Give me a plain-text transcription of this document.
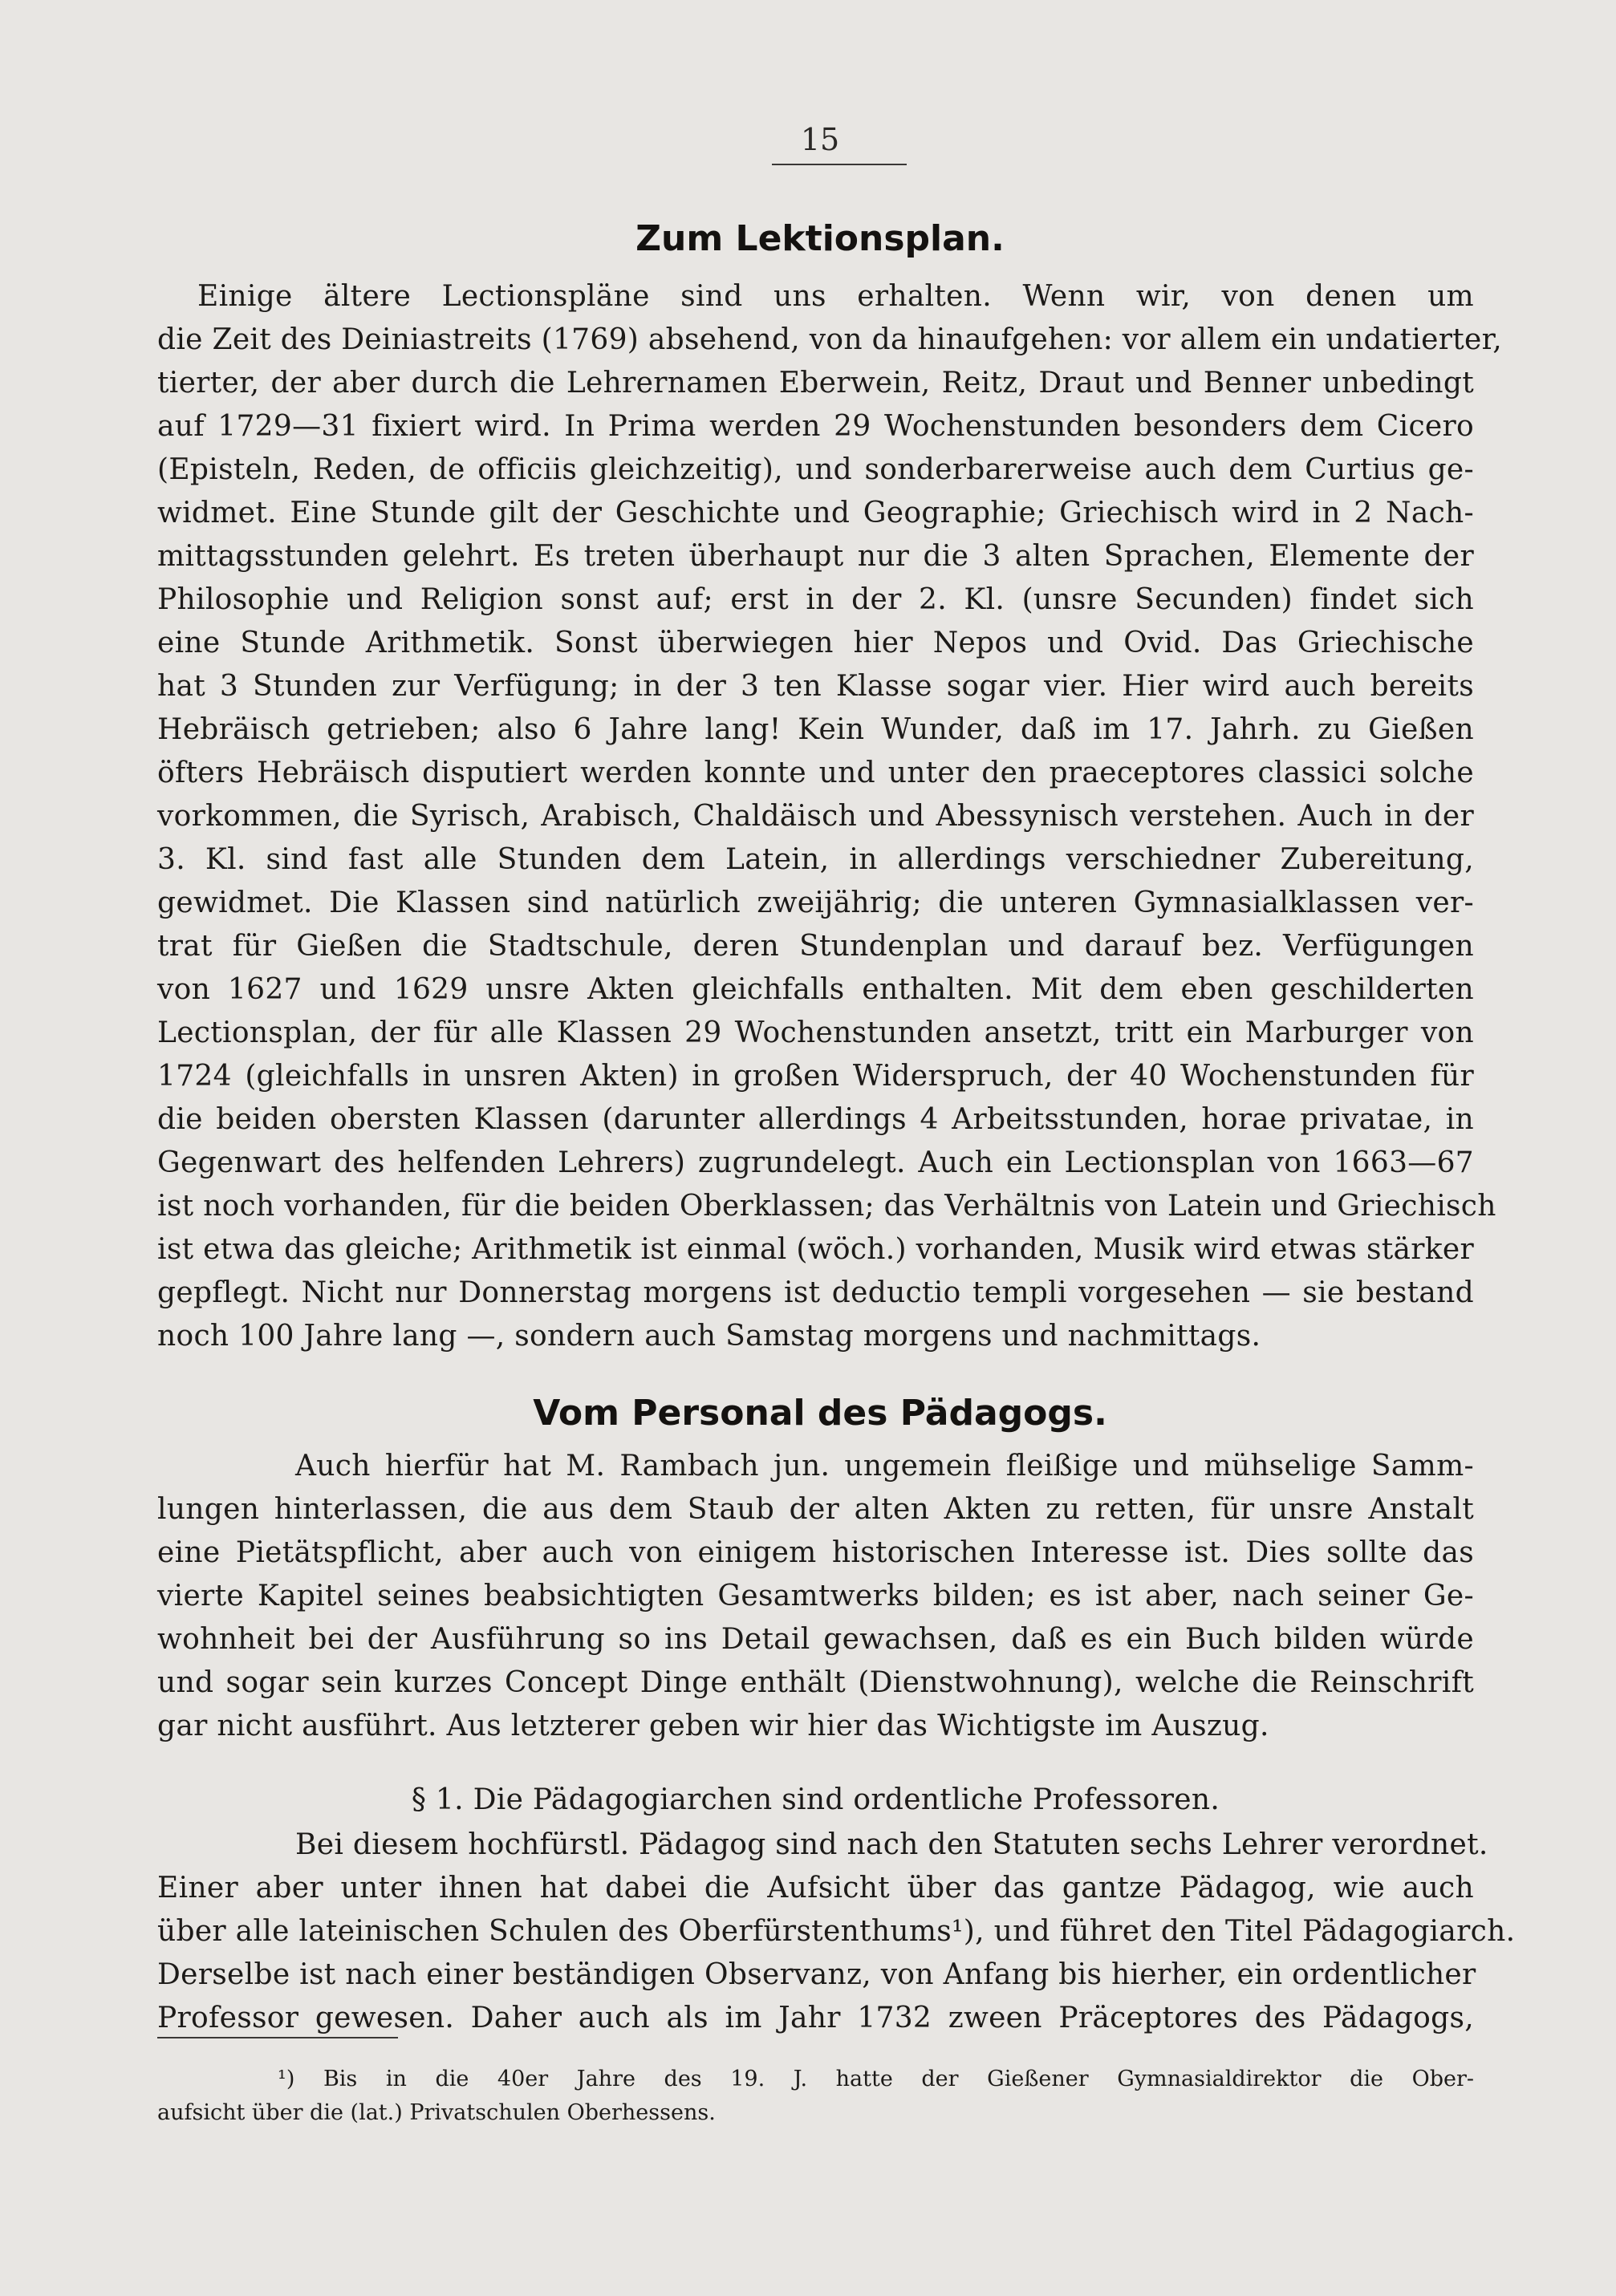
15
Zum Lektionsplan.
Einige ältere Lectionspläne sind uns erhalten. Wenn wir, von denen um
die Zeit des Deiniastreits (1769) absehend, von da hinaufgehen: vor allem ein undatierter,
tierter, der aber durch die Lehrernamen Eberwein, Reitz, Draut und Benner unbedingt
auf 1729—31 fixiert wird. In Prima werden 29 Wochenstunden besonders dem Cicero
(Episteln, Reden, de officiis gleichzeitig), und sonderbarerweise auch dem Curtius ge-
widmet. Eine Stunde gilt der Geschichte und Geographie; Griechisch wird in 2 Nach-
mittagsstunden gelehrt. Es treten überhaupt nur die 3 alten Sprachen, Elemente der
Philosophie und Religion sonst auf; erst in der 2. Kl. (unsre Secunden) findet sich
eine Stunde Arithmetik. Sonst überwiegen hier Nepos und Ovid. Das Griechische
hat 3 Stunden zur Verfügung; in der 3 ten Klasse sogar vier. Hier wird auch bereits
Hebräisch getrieben; also 6 Jahre lang! Kein Wunder, daß im 17. Jahrh. zu Gießen
öfters Hebräisch disputiert werden konnte und unter den praeceptores classici solche
vorkommen, die Syrisch, Arabisch, Chaldäisch und Abessynisch verstehen. Auch in der
3. Kl. sind fast alle Stunden dem Latein, in allerdings verschiedner Zubereitung,
gewidmet. Die Klassen sind natürlich zweijährig; die unteren Gymnasialklassen ver-
trat für Gießen die Stadtschule, deren Stundenplan und darauf bez. Verfügungen
von 1627 und 1629 unsre Akten gleichfalls enthalten. Mit dem eben geschilderten
Lectionsplan, der für alle Klassen 29 Wochenstunden ansetzt, tritt ein Marburger von
1724 (gleichfalls in unsren Akten) in großen Widerspruch, der 40 Wochenstunden für
die beiden obersten Klassen (darunter allerdings 4 Arbeitsstunden, horae privatae, in
Gegenwart des helfenden Lehrers) zugrundelegt. Auch ein Lectionsplan von 1663—67
ist noch vorhanden, für die beiden Oberklassen; das Verhältnis von Latein und Griechisch
ist etwa das gleiche; Arithmetik ist einmal (wöch.) vorhanden, Musik wird etwas stärker
gepflegt. Nicht nur Donnerstag morgens ist deductio templi vorgesehen — sie bestand
noch 100 Jahre lang —, sondern auch Samstag morgens und nachmittags.
Vom Personal des Pädagogs.
Auch hierfür hat M. Rambach jun. ungemein fleißige und mühselige Samm-
lungen hinterlassen, die aus dem Staub der alten Akten zu retten, für unsre Anstalt
eine Pietätspflicht, aber auch von einigem historischen Interesse ist. Dies sollte das
vierte Kapitel seines beabsichtigten Gesamtwerks bilden; es ist aber, nach seiner Ge-
wohnheit bei der Ausführung so ins Detail gewachsen, daß es ein Buch bilden würde
und sogar sein kurzes Concept Dinge enthält (Dienstwohnung), welche die Reinschrift
gar nicht ausführt. Aus letzterer geben wir hier das Wichtigste im Auszug.
§ 1. Die Pädagogiarchen sind ordentliche Professoren.
Bei diesem hochfürstl. Pädagog sind nach den Statuten sechs Lehrer verordnet.
Einer aber unter ihnen hat dabei die Aufsicht über das gantze Pädagog, wie auch
über alle lateinischen Schulen des Oberfürstenthums¹), und führet den Titel Pädagogiarch.
Derselbe ist nach einer beständigen Observanz, von Anfang bis hierher, ein ordentlicher
Professor gewesen. Daher auch als im Jahr 1732 zween Präceptores des Pädagogs,
¹) Bis in die 40er Jahre des 19. J. hatte der Gießener Gymnasialdirektor die Ober-
aufsicht über die (lat.) Privatschulen Oberhessens.
